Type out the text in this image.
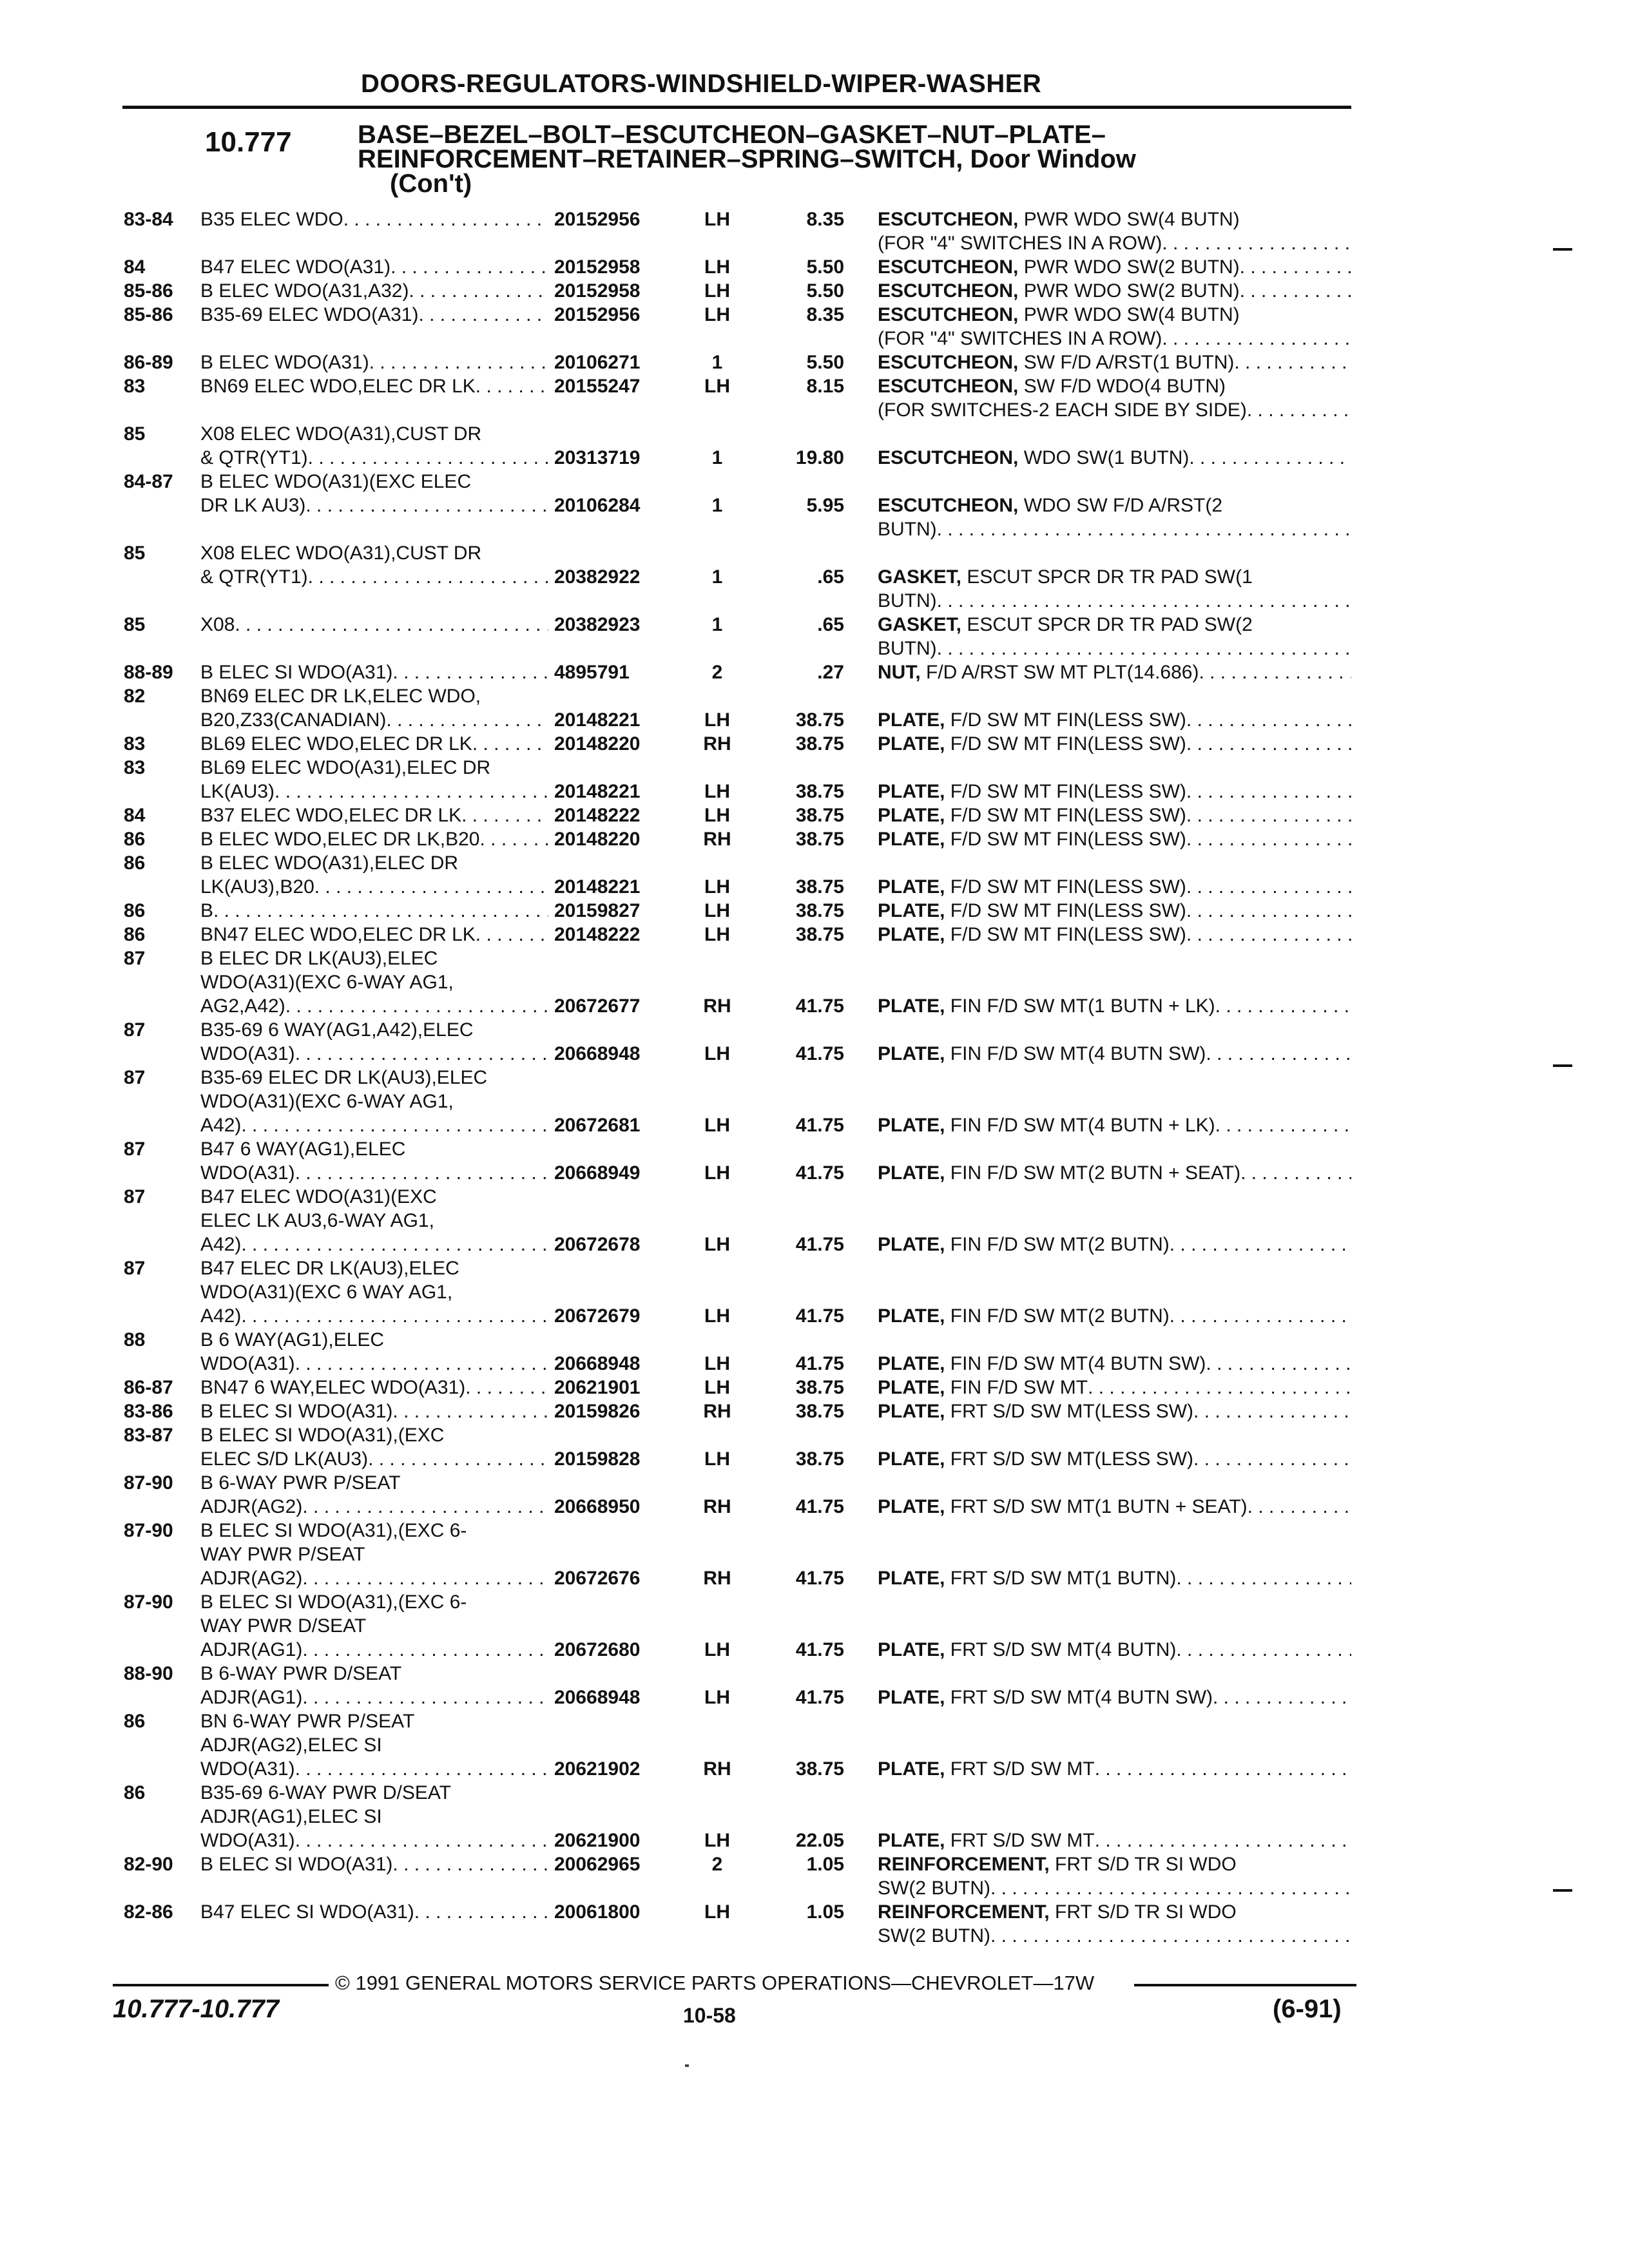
DOORS-REGULATORS-WINDSHIELD-WIPER-WASHER
10.777	BASE–BEZEL–BOLT–ESCUTCHEON–GASKET–NUT–PLATE–
REINFORCEMENT–RETAINER–SPRING–SWITCH, Door Window
(Con't)
83-84	B35 ELEC WDO . . .	20152956	LH	8.35 ESCUTCHEON, PWR WDO SW(4 BUTN)
(FOR "4" SWITCHES IN A ROW)
. . .
84	B47 ELEC WDO(A31) . . .	20152958	LH	5.50 ESCUTCHEON, PWR WDO SW(2 BUTN)
. . .
85-86	B ELEC WDO(A31,A32) . . .	20152958	LH	5.50 ESCUTCHEON, PWR WDO SW(2 BUTN)
. . .
85-86	B35-69 ELEC WDO(A31) . . .	20152956	LH	8.35 ESCUTCHEON, PWR WDO SW(4 BUTN)
(FOR "4" SWITCHES IN A ROW)
. . .
86-89	B ELEC WDO(A31) . . .	20106271	1	5.50 ESCUTCHEON, SW F/D A/RST(1 BUTN)
. . .
83	BN69 ELEC WDO,ELEC DR LK . . .	20155247	LH	8.15 ESCUTCHEON, SW F/D WDO(4 BUTN)
(FOR SWITCHES-2 EACH SIDE BY SIDE)
. . .
85	X08 ELEC WDO(A31),CUST DR
& QTR(YT1) . . .	20313719	1	19.80 ESCUTCHEON, WDO SW(1 BUTN)
. . .
84-87	B ELEC WDO(A31)(EXC ELEC
DR LK AU3) . . .	20106284	1	5.95 ESCUTCHEON, WDO SW F/D A/RST(2
BUTN)
. . .
85	X08 ELEC WDO(A31),CUST DR
& QTR(YT1) . . .	20382922	1	.65 GASKET, ESCUT SPCR DR TR PAD SW(1
BUTN)
. . .
85	X08 . . .	20382923	1	.65 GASKET, ESCUT SPCR DR TR PAD SW(2
BUTN)
. . .
88-89	B ELEC SI WDO(A31) . . .	4895791	2	.27 NUT, F/D A/RST SW MT PLT(14.686)
. . .
82	BN69 ELEC DR LK,ELEC WDO,
B20,Z33(CANADIAN) . . .	20148221	LH	38.75 PLATE, F/D SW MT FIN(LESS SW)
. . .
83	BL69 ELEC WDO,ELEC DR LK . . .	20148220	RH	38.75 PLATE, F/D SW MT FIN(LESS SW)
. . .
83	BL69 ELEC WDO(A31),ELEC DR
LK(AU3) . . .	20148221	LH	38.75 PLATE, F/D SW MT FIN(LESS SW)
. . .
84	B37 ELEC WDO,ELEC DR LK . . .	20148222	LH	38.75 PLATE, F/D SW MT FIN(LESS SW)
. . .
86	B ELEC WDO,ELEC DR LK,B20 . . .	20148220	RH	38.75 PLATE, F/D SW MT FIN(LESS SW)
. . .
86	B ELEC WDO(A31),ELEC DR
LK(AU3),B20 . . .	20148221	LH	38.75 PLATE, F/D SW MT FIN(LESS SW)
. . .
86	B . . .	20159827	LH	38.75 PLATE, F/D SW MT FIN(LESS SW)
. . .
86	BN47 ELEC WDO,ELEC DR LK . . .	20148222	LH	38.75 PLATE, F/D SW MT FIN(LESS SW)
. . .
87	B ELEC DR LK(AU3),ELEC
WDO(A31)(EXC 6-WAY AG1,
AG2,A42) . . .	20672677	RH	41.75 PLATE, FIN F/D SW MT(1 BUTN + LK)
. . .
87	B35-69 6 WAY(AG1,A42),ELEC
WDO(A31) . . .	20668948	LH	41.75 PLATE, FIN F/D SW MT(4 BUTN SW)
. . .
87	B35-69 ELEC DR LK(AU3),ELEC
WDO(A31)(EXC 6-WAY AG1,
A42) . . .	20672681	LH	41.75 PLATE, FIN F/D SW MT(4 BUTN + LK)
. . .
87	B47 6 WAY(AG1),ELEC
WDO(A31) . . .	20668949	LH	41.75 PLATE, FIN F/D SW MT(2 BUTN + SEAT)
. . .
87	B47 ELEC WDO(A31)(EXC
ELEC LK AU3,6-WAY AG1,
A42) . . .	20672678	LH	41.75 PLATE, FIN F/D SW MT(2 BUTN)
. . .
87	B47 ELEC DR LK(AU3),ELEC
WDO(A31)(EXC 6 WAY AG1,
A42) . . .	20672679	LH	41.75 PLATE, FIN F/D SW MT(2 BUTN)
. . .
88	B 6 WAY(AG1),ELEC
WDO(A31) . . .	20668948	LH	41.75 PLATE, FIN F/D SW MT(4 BUTN SW)
. . .
86-87	BN47 6 WAY,ELEC WDO(A31) . . .	20621901	LH	38.75 PLATE, FIN F/D SW MT
. . .
83-86	B ELEC SI WDO(A31) . . .	20159826	RH	38.75 PLATE, FRT S/D SW MT(LESS SW)
. . .
83-87	B ELEC SI WDO(A31),(EXC
ELEC S/D LK(AU3) . . .	20159828	LH	38.75 PLATE, FRT S/D SW MT(LESS SW)
. . .
87-90	B 6-WAY PWR P/SEAT
ADJR(AG2) . . .	20668950	RH	41.75 PLATE, FRT S/D SW MT(1 BUTN + SEAT)
. . .
87-90	B ELEC SI WDO(A31),(EXC 6-
WAY PWR P/SEAT
ADJR(AG2) . . .	20672676	RH	41.75 PLATE, FRT S/D SW MT(1 BUTN)
. . .
87-90	B ELEC SI WDO(A31),(EXC 6-
WAY PWR D/SEAT
ADJR(AG1) . . .	20672680	LH	41.75 PLATE, FRT S/D SW MT(4 BUTN)
. . .
88-90	B 6-WAY PWR D/SEAT
ADJR(AG1) . . .	20668948	LH	41.75 PLATE, FRT S/D SW MT(4 BUTN SW)
. . .
86	BN 6-WAY PWR P/SEAT
ADJR(AG2),ELEC SI
WDO(A31) . . .	20621902	RH	38.75 PLATE, FRT S/D SW MT
. . .
86	B35-69 6-WAY PWR D/SEAT
ADJR(AG1),ELEC SI
WDO(A31) . . .	20621900	LH	22.05 PLATE, FRT S/D SW MT
. . .
82-90	B ELEC SI WDO(A31) . . .	20062965	2	1.05 REINFORCEMENT, FRT S/D TR SI WDO
SW(2 BUTN)
. . .
82-86	B47 ELEC SI WDO(A31) . . .	20061800	LH	1.05 REINFORCEMENT, FRT S/D TR SI WDO
SW(2 BUTN)
. . .
© 1991 GENERAL MOTORS SERVICE PARTS OPERATIONS—CHEVROLET—17W
10.777-10.777	10-58	(6-91)
